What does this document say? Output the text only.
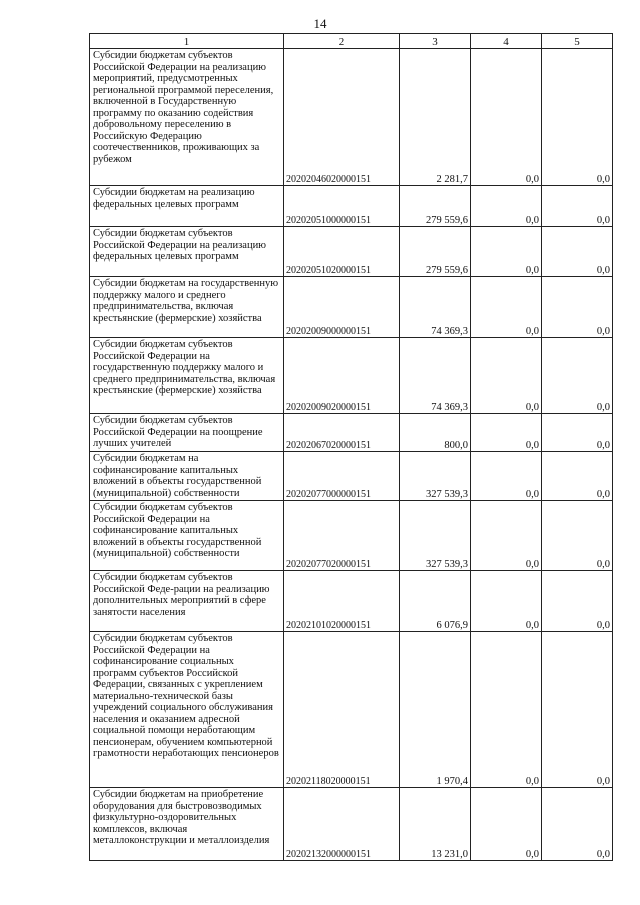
14
1	2	3	4	5
Субсидии бюджетам субъектов Российской Федерации на реализацию мероприятий, предусмотренных региональной программой переселения, включенной в Государственную программу по оказанию содействия добровольному переселению в Российскую Федерацию соотечественников, проживающих за рубежом	20202046020000151	2 281,7	0,0	0,0
Субсидии бюджетам на реализацию федеральных целевых программ	20202051000000151	279 559,6	0,0	0,0
Субсидии бюджетам субъектов Российской Федерации на реализацию федеральных целевых программ	20202051020000151	279 559,6	0,0	0,0
Субсидии бюджетам на государственную поддержку малого и среднего предпринимательства, включая крестьянские (фермерские) хозяйства	20202009000000151	74 369,3	0,0	0,0
Субсидии бюджетам субъектов Российской Федерации на государственную поддержку малого и среднего предпринимательства, включая крестьянские (фермерские) хозяйства	20202009020000151	74 369,3	0,0	0,0
Субсидии бюджетам субъектов Российской Федерации на поощрение лучших учителей	20202067020000151	800,0	0,0	0,0
Субсидии бюджетам на софинансирование капитальных вложений в объекты государственной (муниципальной) собственности	20202077000000151	327 539,3	0,0	0,0
Субсидии бюджетам субъектов Российской Федерации на софинансирование капитальных вложений в объекты государственной (муниципальной) собственности	20202077020000151	327 539,3	0,0	0,0
Субсидии бюджетам субъектов Российской Феде-рации на реализацию дополнительных мероприятий в сфере занятости населения	20202101020000151	6 076,9	0,0	0,0
Субсидии бюджетам субъектов Российской Федерации на софинансирование социальных программ субъектов Российской Федерации, связанных с укреплением материально-технической базы учреждений социального обслуживания населения и оказанием адресной социальной помощи неработающим пенсионерам, обучением компьютерной грамотности неработающих пенсионеров	20202118020000151	1 970,4	0,0	0,0
Субсидии бюджетам на приобретение оборудования для быстровозводимых физкультурно-оздоровительных комплексов, включая металлоконструкции и металлоизделия	20202132000000151	13 231,0	0,0	0,0
